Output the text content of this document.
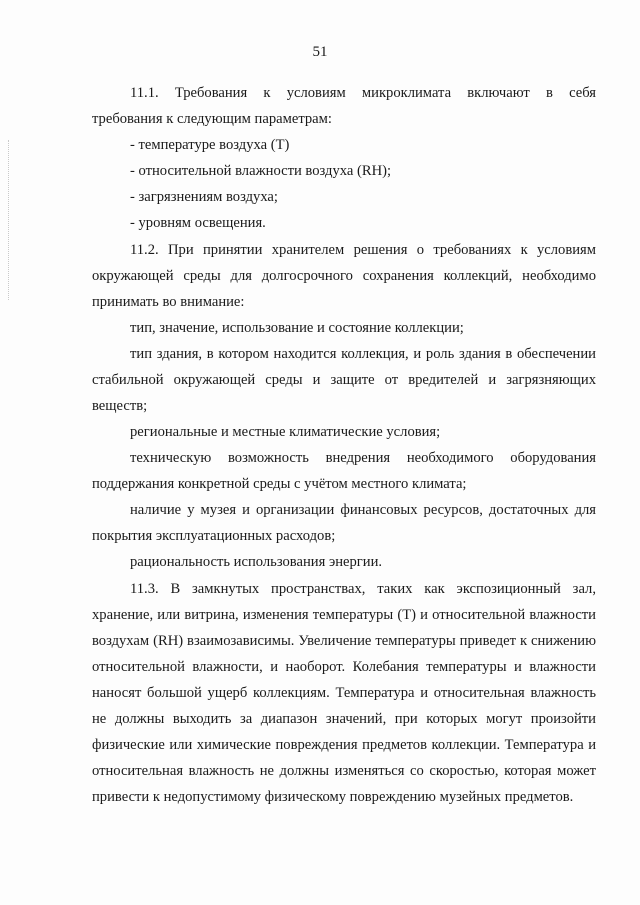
51

11.1. Требования к условиям микроклимата включают в себя

требования к следующим параметрам:

- температуре воздуха (Т)

- относительной влажности воздуха (RH);

- загрязнениям воздуха;

- уровням освещения.

11.2. При принятии хранителем решения о требованиях к условиям окружающей среды для долгосрочного сохранения коллекций, необходимо принимать во внимание:

тип, значение, использование и состояние коллекции;

тип здания, в котором находится коллекция, и роль здания в обеспечении стабильной окружающей среды и защите от вредителей и загрязняющих веществ;

региональные и местные климатические условия;

техническую возможность внедрения необходимого оборудования поддержания конкретной среды с учётом местного климата;

наличие у музея и организации финансовых ресурсов, достаточных для покрытия эксплуатационных расходов;

рациональность использования энергии.

11.3. В замкнутых пространствах, таких как экспозиционный зал, хранение, или витрина, изменения температуры (Т) и относительной влажности воздухам (RH) взаимозависимы. Увеличение температуры приведет к снижению относительной влажности, и наоборот. Колебания температуры и влажности наносят большой ущерб коллекциям. Температура и относительная влажность не должны выходить за диапазон значений, при которых могут произойти физические или химические повреждения предметов коллекции. Температура и относительная влажность не должны изменяться со скоростью, которая может привести к недопустимому физическому повреждению музейных предметов.
